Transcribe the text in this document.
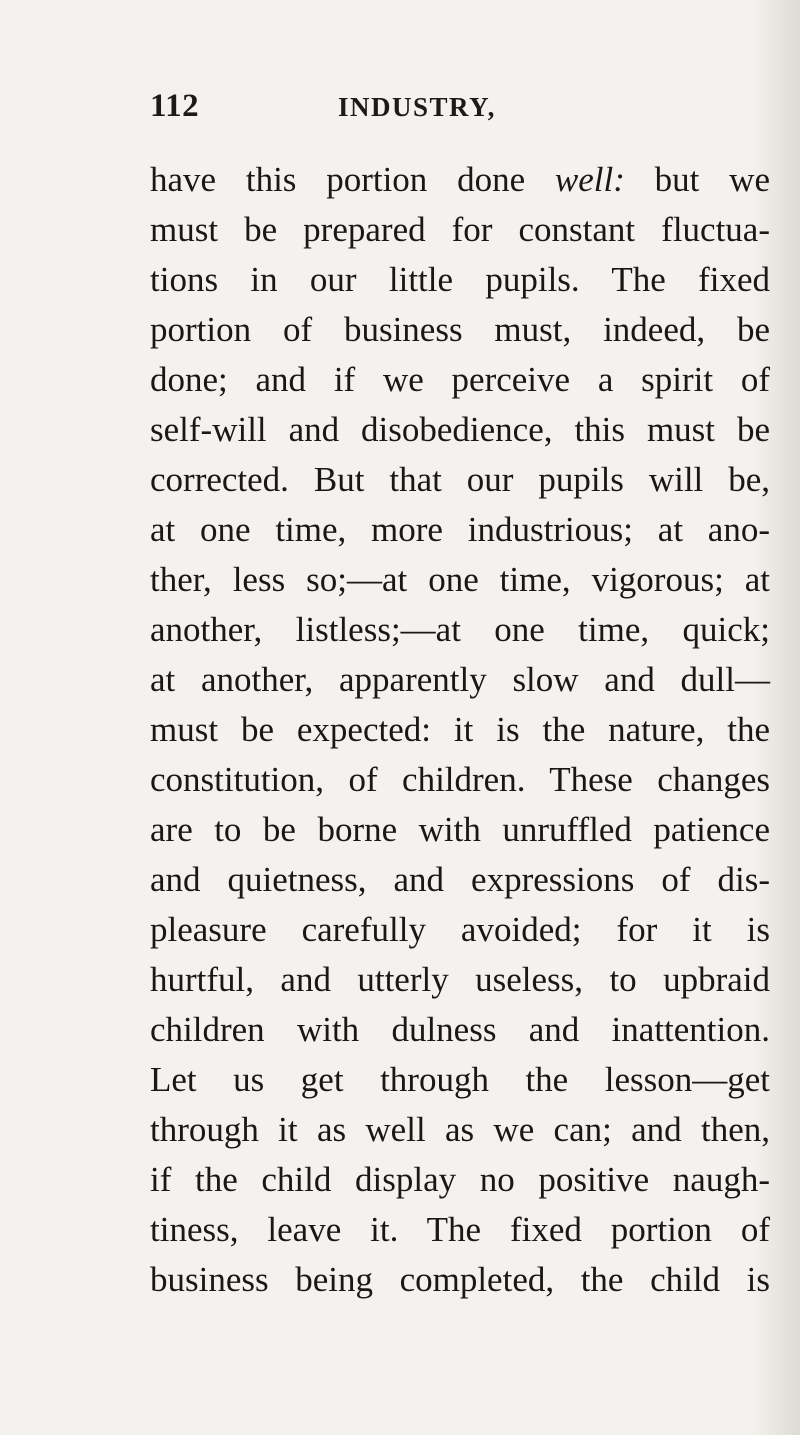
112	INDUSTRY,
have this portion done well: but we
must be prepared for constant fluctua-
tions in our little pupils. The fixed
portion of business must, indeed, be
done; and if we perceive a spirit of
self-will and disobedience, this must be
corrected. But that our pupils will be,
at one time, more industrious; at ano-
ther, less so;—at one time, vigorous; at
another, listless;—at one time, quick;
at another, apparently slow and dull—
must be expected: it is the nature, the
constitution, of children. These changes
are to be borne with unruffled patience
and quietness, and expressions of dis-
pleasure carefully avoided; for it is
hurtful, and utterly useless, to upbraid
children with dulness and inattention.
Let us get through the lesson—get
through it as well as we can; and then,
if the child display no positive naugh-
tiness, leave it. The fixed portion of
business being completed, the child is
